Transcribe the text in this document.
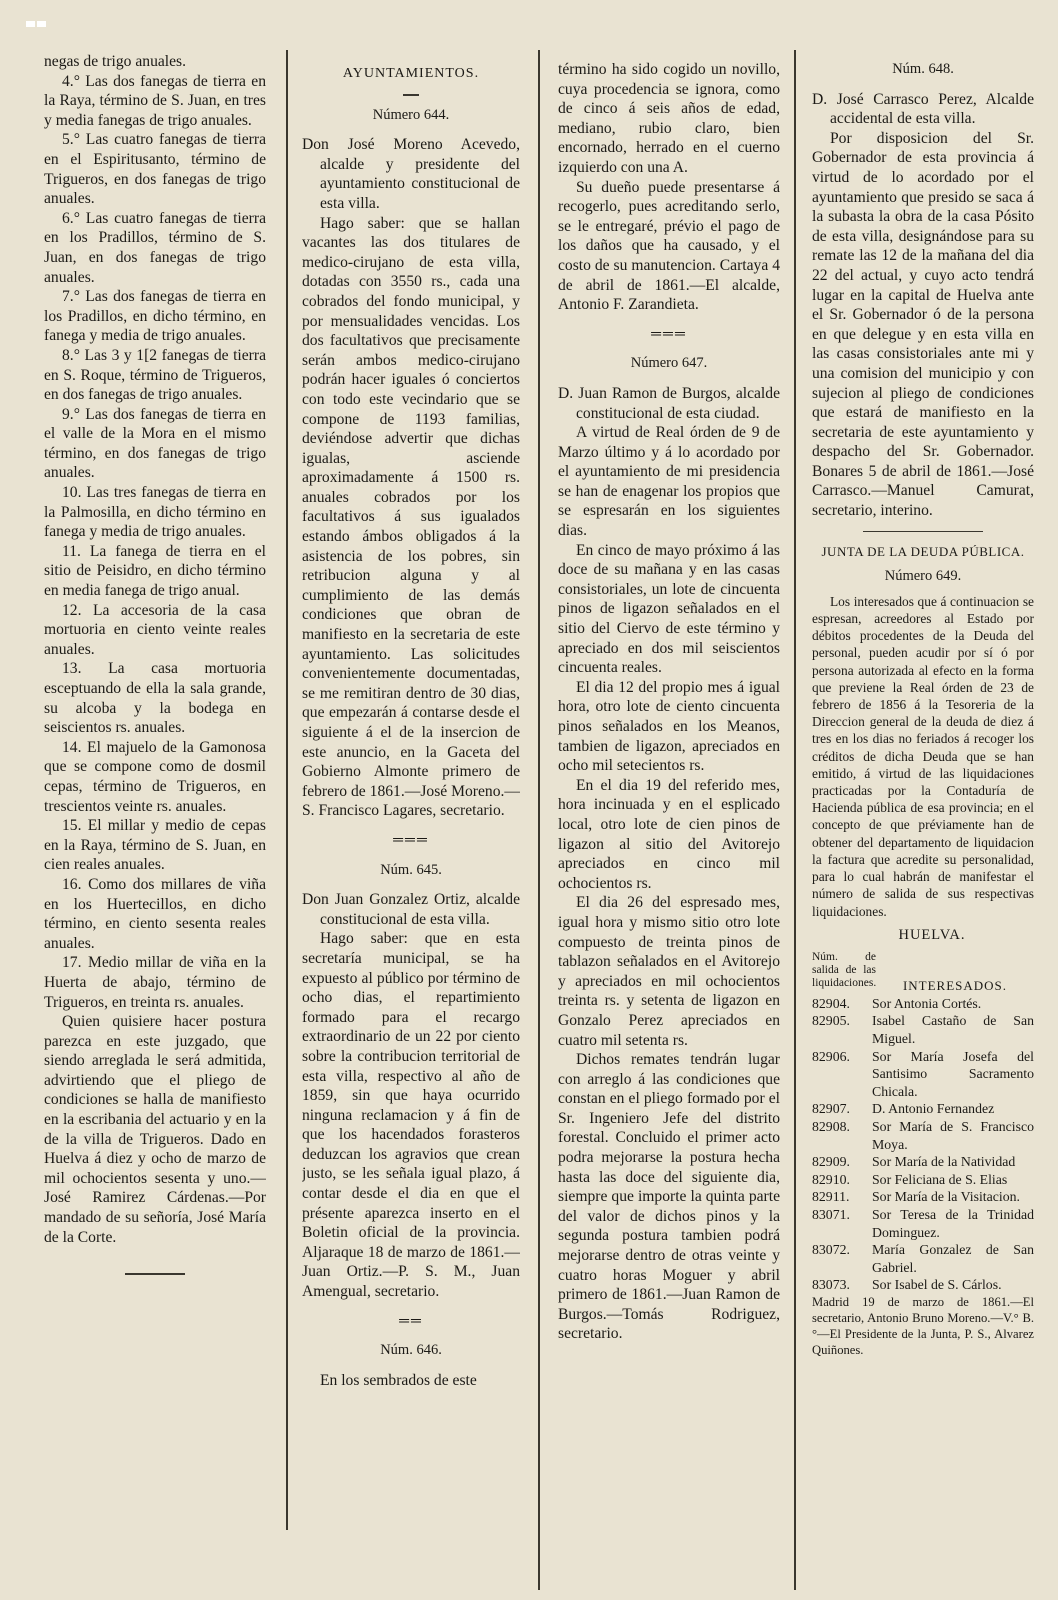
negas de trigo anuales.

4.° Las dos fanegas de tierra en la Raya, término de S. Juan, en tres y media fanegas de trigo anuales.

5.° Las cuatro fanegas de tierra en el Espiritusanto, término de Trigueros, en dos fanegas de trigo anuales.

6.° Las cuatro fanegas de tierra en los Pradillos, término de S. Juan, en dos fanegas de trigo anuales.

7.° Las dos fanegas de tierra en los Pradillos, en dicho término, en fanega y media de trigo anuales.

8.° Las 3 y 1[2 fanegas de tierra en S. Roque, término de Trigueros, en dos fanegas de trigo anuales.

9.° Las dos fanegas de tierra en el valle de la Mora en el mismo término, en dos fanegas de trigo anuales.

10. Las tres fanegas de tierra en la Palmosilla, en dicho término en fanega y media de trigo anuales.

11. La fanega de tierra en el sitio de Peisidro, en dicho término en media fanega de trigo anual.

12. La accesoria de la casa mortuoria en ciento veinte reales anuales.

13. La casa mortuoria esceptuando de ella la sala grande, su alcoba y la bodega en seiscientos rs. anuales.

14. El majuelo de la Gamonosa que se compone como de dosmil cepas, término de Trigueros, en trescientos veinte rs. anuales.

15. El millar y medio de cepas en la Raya, término de S. Juan, en cien reales anuales.

16. Como dos millares de viña en los Huertecillos, en dicho término, en ciento sesenta reales anuales.

17. Medio millar de viña en la Huerta de abajo, término de Trigueros, en treinta rs. anuales.

Quien quisiere hacer postura parezca en este juzgado, que siendo arreglada le será admitida, advirtiendo que el pliego de condiciones se halla de manifiesto en la escribania del actuario y en la de la villa de Trigueros. Dado en Huelva á diez y ocho de marzo de mil ochocientos sesenta y uno.—José Ramirez Cárdenas.—Por mandado de su señoría, José María de la Corte.

AYUNTAMIENTOS.

Número 644.

Don José Moreno Acevedo, alcalde y presidente del ayuntamiento constitucional de esta villa.

Hago saber: que se hallan vacantes las dos titulares de medico-cirujano de esta villa, dotadas con 3550 rs., cada una cobrados del fondo municipal, y por mensualidades vencidas. Los dos facultativos que precisamente serán ambos medico-cirujano podrán hacer iguales ó conciertos con todo este vecindario que se compone de 1193 familias, deviéndose advertir que dichas igualas, asciende aproximadamente á 1500 rs. anuales cobrados por los facultativos á sus igualados estando ámbos obligados á la asistencia de los pobres, sin retribucion alguna y al cumplimiento de las demás condiciones que obran de manifiesto en la secretaria de este ayuntamiento. Las solicitudes convenientemente documentadas, se me remitiran dentro de 30 dias, que empezarán á contarse desde el siguiente á el de la insercion de este anuncio, en la Gaceta del Gobierno Almonte primero de febrero de 1861.—José Moreno.—S. Francisco Lagares, secretario.

═══

Núm. 645.

Don Juan Gonzalez Ortiz, alcalde constitucional de esta villa.

Hago saber: que en esta secretaría municipal, se ha expuesto al público por término de ocho dias, el repartimiento formado para el recargo extraordinario de un 22 por ciento sobre la contribucion territorial de esta villa, respectivo al año de 1859, sin que haya ocurrido ninguna reclamacion y á fin de que los hacendados forasteros deduzcan los agravios que crean justo, se les señala igual plazo, á contar desde el dia en que el présente aparezca inserto en el Boletin oficial de la provincia. Aljaraque 18 de marzo de 1861.—Juan Ortiz.—P. S. M., Juan Amengual, secretario.

══

Núm. 646.

En los sembrados de este

término ha sido cogido un novillo, cuya procedencia se ignora, como de cinco á seis años de edad, mediano, rubio claro, bien encornado, herrado en el cuerno izquierdo con una A.

Su dueño puede presentarse á recogerlo, pues acreditando serlo, se le entregaré, prévio el pago de los daños que ha causado, y el costo de su manutencion. Cartaya 4 de abril de 1861.—El alcalde, Antonio F. Zarandieta.

═══

Número 647.

D. Juan Ramon de Burgos, alcalde constitucional de esta ciudad.

A virtud de Real órden de 9 de Marzo último y á lo acordado por el ayuntamiento de mi presidencia se han de enagenar los propios que se espresarán en los siguientes dias.

En cinco de mayo próximo á las doce de su mañana y en las casas consistoriales, un lote de cincuenta pinos de ligazon señalados en el sitio del Ciervo de este término y apreciado en dos mil seiscientos cincuenta reales.

El dia 12 del propio mes á igual hora, otro lote de ciento cincuenta pinos señalados en los Meanos, tambien de ligazon, apreciados en ocho mil setecientos rs.

En el dia 19 del referido mes, hora incinuada y en el esplicado local, otro lote de cien pinos de ligazon al sitio del Avitorejo apreciados en cinco mil ochocientos rs.

El dia 26 del espresado mes, igual hora y mismo sitio otro lote compuesto de treinta pinos de tablazon señalados en el Avitorejo y apreciados en mil ochocientos treinta rs. y setenta de ligazon en Gonzalo Perez apreciados en cuatro mil setenta rs.

Dichos remates tendrán lugar con arreglo á las condiciones que constan en el pliego formado por el Sr. Ingeniero Jefe del distrito forestal. Concluido el primer acto podra mejorarse la postura hecha hasta las doce del siguiente dia, siempre que importe la quinta parte del valor de dichos pinos y la segunda postura tambien podrá mejorarse dentro de otras veinte y cuatro horas Moguer y abril primero de 1861.—Juan Ramon de Burgos.—Tomás Rodriguez, secretario.

Núm. 648.

D. José Carrasco Perez, Alcalde accidental de esta villa.

Por disposicion del Sr. Gobernador de esta provincia á virtud de lo acordado por el ayuntamiento que presido se saca á la subasta la obra de la casa Pósito de esta villa, designándose para su remate las 12 de la mañana del dia 22 del actual, y cuyo acto tendrá lugar en la capital de Huelva ante el Sr. Gobernador ó de la persona en que delegue y en esta villa en las casas consistoriales ante mi y una comision del municipio y con sujecion al pliego de condiciones que estará de manifiesto en la secretaria de este ayuntamiento y despacho del Sr. Gobernador. Bonares 5 de abril de 1861.—José Carrasco.—Manuel Camurat, secretario, interino.

JUNTA DE LA DEUDA PÚBLICA.

Número 649.

Los interesados que á continuacion se espresan, acreedores al Estado por débitos procedentes de la Deuda del personal, pueden acudir por sí ó por persona autorizada al efecto en la forma que previene la Real órden de 23 de febrero de 1856 á la Tesoreria de la Direccion general de la deuda de diez á tres en los dias no feriados á recoger los créditos de dicha Deuda que se han emitido, á virtud de las liquidaciones practicadas por la Contaduría de Hacienda pública de esa provincia; en el concepto de que préviamente han de obtener del departamento de liquidacion la factura que acredite su personalidad, para lo cual habrán de manifestar el número de salida de sus respectivas liquidaciones.

HUELVA.

Núm. de salida de las liquidaciones.	INTERESADOS.
82904.	Sor Antonia Cortés.
82905.	Isabel Castaño de San Miguel.
82906.	Sor María Josefa del Santisimo Sacramento Chicala.
82907.	D. Antonio Fernandez
82908.	Sor María de S. Francisco Moya.
82909.	Sor María de la Natividad
82910.	Sor Feliciana de S. Elias
82911.	Sor María de la Visitacion.
83071.	Sor Teresa de la Trinidad Dominguez.
83072.	María Gonzalez de San Gabriel.
83073.	Sor Isabel de S. Cárlos.

Madrid 19 de marzo de 1861.—El secretario, Antonio Bruno Moreno.—V.° B.°—El Presidente de la Junta, P. S., Alvarez Quiñones.
